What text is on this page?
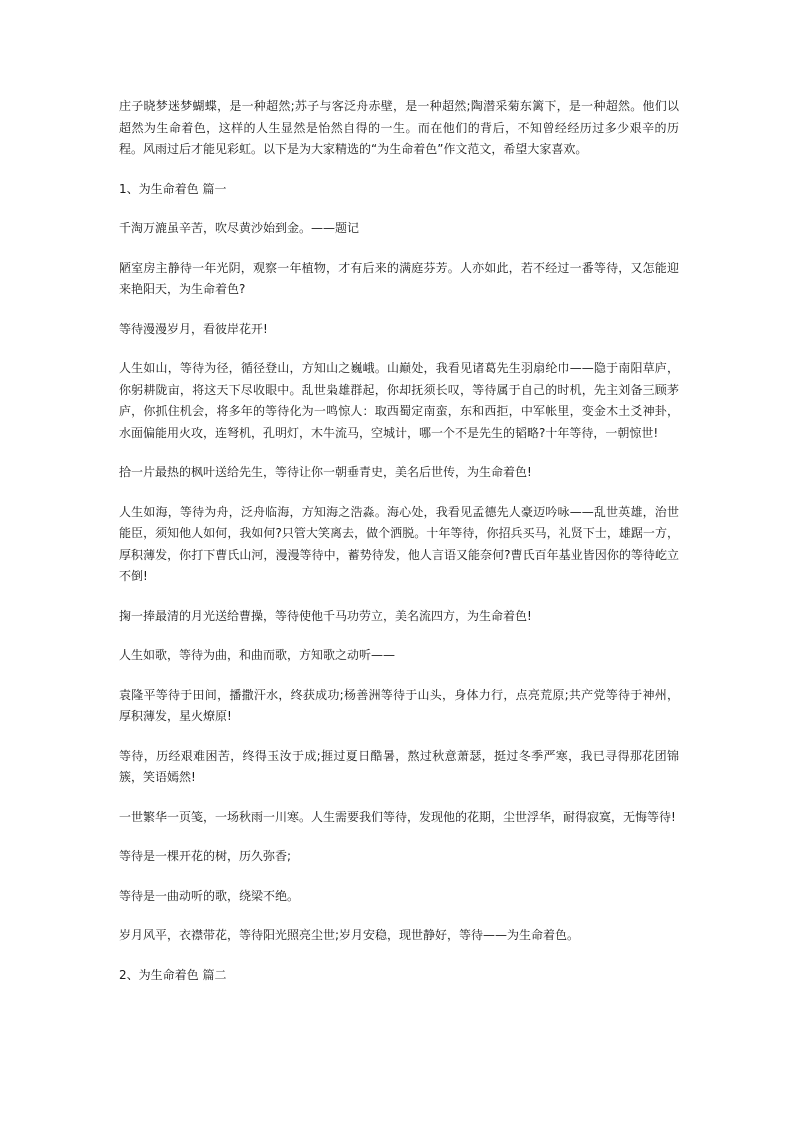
庄子晓梦迷梦蝴蝶，是一种超然;苏子与客泛舟赤壁，是一种超然;陶潜采菊东篱下，是一种超然。他们以超然为生命着色，这样的人生显然是怡然自得的一生。而在他们的背后，不知曾经经历过多少艰辛的历程。风雨过后才能见彩虹。以下是为大家精选的“为生命着色”作文范文，希望大家喜欢。

1、为生命着色 篇一

千淘万漉虽辛苦，吹尽黄沙始到金。——题记

陋室房主静待一年光阴，观察一年植物，才有后来的满庭芬芳。人亦如此，若不经过一番等待，又怎能迎来艳阳天，为生命着色?

等待漫漫岁月，看彼岸花开!

人生如山，等待为径，循径登山，方知山之巍峨。山巅处，我看见诸葛先生羽扇纶巾——隐于南阳草庐，你躬耕陇亩，将这天下尽收眼中。乱世枭雄群起，你却抚须长叹，等待属于自己的时机，先主刘备三顾茅庐，你抓住机会，将多年的等待化为一鸣惊人：取西蜀定南蛮，东和西拒，中军帐里，变金木土爻神卦，水面偏能用火攻，连弩机，孔明灯，木牛流马，空城计，哪一个不是先生的韬略?十年等待，一朝惊世!

拾一片最热的枫叶送给先生，等待让你一朝垂青史，美名后世传，为生命着色!

人生如海，等待为舟，泛舟临海，方知海之浩淼。海心处，我看见孟德先人豪迈吟咏——乱世英雄，治世能臣，须知他人如何，我如何?只管大笑离去，做个洒脱。十年等待，你招兵买马，礼贤下士，雄踞一方，厚积薄发，你打下曹氏山河，漫漫等待中，蓄势待发，他人言语又能奈何?曹氏百年基业皆因你的等待屹立不倒!

掬一捧最清的月光送给曹操，等待使他千马功劳立，美名流四方，为生命着色!

人生如歌，等待为曲，和曲而歌，方知歌之动听——

袁隆平等待于田间，播撒汗水，终获成功;杨善洲等待于山头，身体力行，点亮荒原;共产党等待于神州，厚积薄发，星火燎原!

等待，历经艰难困苦，终得玉汝于成;捱过夏日酷暑，熬过秋意萧瑟，挺过冬季严寒，我已寻得那花团锦簇，笑语嫣然!

一世繁华一页笺，一场秋雨一川寒。人生需要我们等待，发现他的花期，尘世浮华，耐得寂寞，无悔等待!

等待是一棵开花的树，历久弥香;

等待是一曲动听的歌，绕梁不绝。

岁月风平，衣襟带花，等待阳光照亮尘世;岁月安稳，现世静好，等待——为生命着色。

2、为生命着色 篇二
